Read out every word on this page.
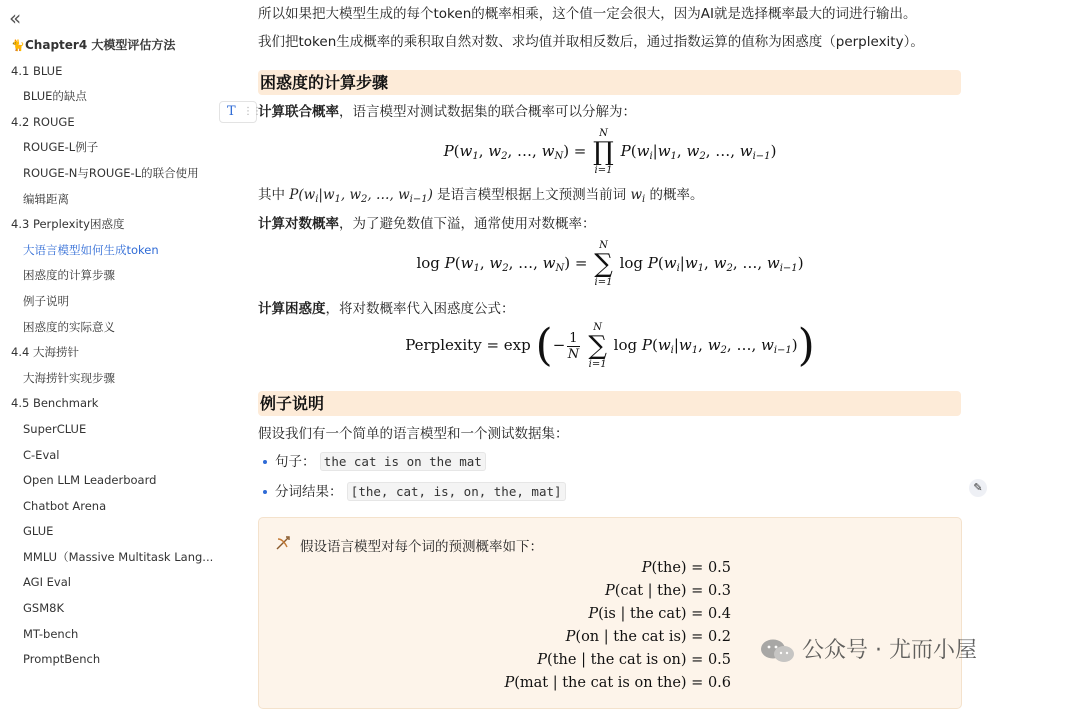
«
🐈Chapter4 大模型评估方法
4.1 BLUE
BLUE的缺点
4.2 ROUGE
ROUGE-L例子
ROUGE-N与ROUGE-L的联合使用
编辑距离
4.3 Perplexity困惑度
大语言模型如何生成token
困惑度的计算步骤
例子说明
困惑度的实际意义
4.4 大海捞针
大海捞针实现步骤
4.5 Benchmark
SuperCLUE
C-Eval
Open LLM Leaderboard
Chatbot Arena
GLUE
MMLU（Massive Multitask Lang...
AGI Eval
GSM8K
MT-bench
PromptBench
T ⋮⋮

所以如果把大模型生成的每个token的概率相乘，这个值一定会很大，因为AI就是选择概率最大的词进行输出。

我们把token生成概率的乘积取自然对数、求均值并取相反数后，通过指数运算的值称为困惑度（perplexity）。

困惑度的计算步骤

计算联合概率，语言模型对测试数据集的联合概率可以分解为：

$P(w_1$, $w_2$, …, $w_N$) =
N
∏
i=1
$P(w_i|w_1$, $w_2$, …, $w_{i-1}$)

其中 $P(w_i|w_1$, $w_2$, …, $w_{i-1}$) 是语言模型根据上文预测当前词 $w_i$ 的概率。

计算对数概率，为了避免数值下溢，通常使用对数概率：

$\log P(w_1$, $w_2$, …, $w_N$) =
N
∑
i=1
$\log P(w_i|w_1$, $w_2$, …, $w_{i-1}$)

计算困惑度，将对数概率代入困惑度公式：

Perplexity = exp (− $\frac{1}{N}$

N
∑
i=1
$\log P(w_i|w_1$, $w_2$, …, $w_{i-1}$))
例子说明

假设我们有一个简单的语言模型和一个测试数据集：

句子： the cat is on the mat
分词结果： [the, cat, is, on, the, mat]
假设语言模型对每个词的预测概率如下：
P(the) = 0.5
P(cat | the) = 0.3
P(is | the cat) = 0.4
P(on | the cat is) = 0.2
P(the | the cat is on) = 0.5
P(mat | the cat is on the) = 0.6
✎
公众号 · 尤而小屋
